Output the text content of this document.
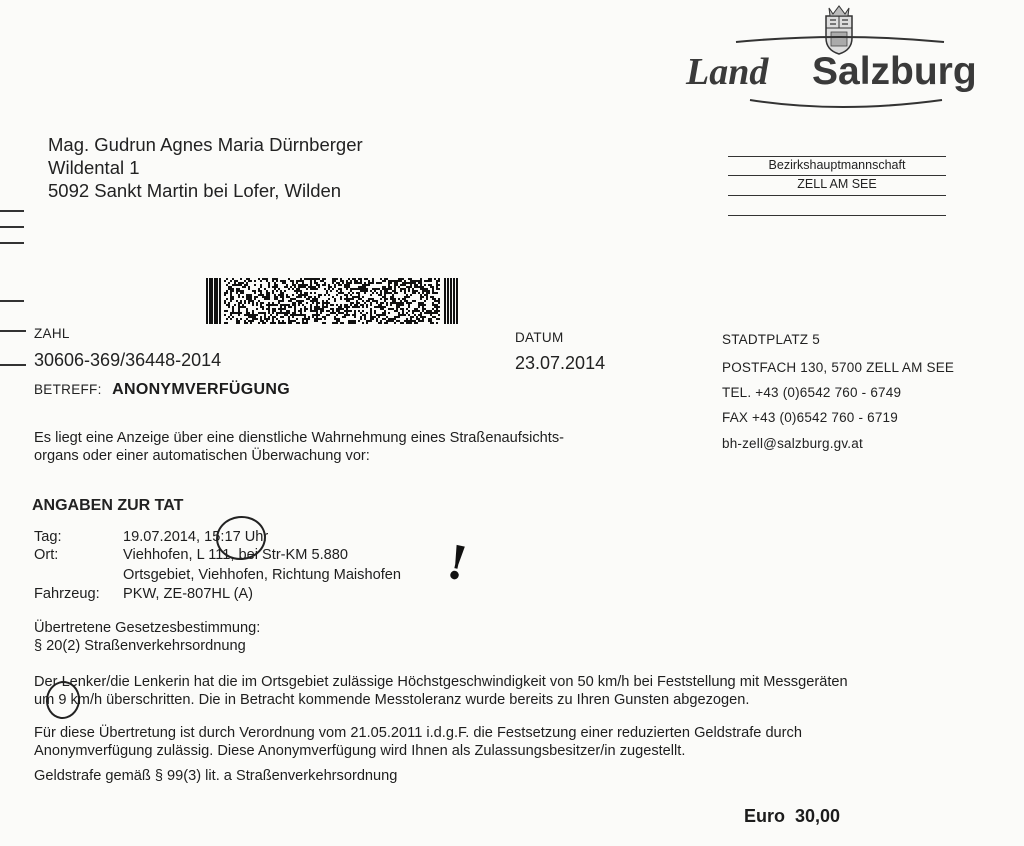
Land Salzburg
Mag. Gudrun Agnes Maria Dürnberger
Wildental 1
5092 Sankt Martin bei Lofer, Wilden
Bezirkshauptmannschaft
ZELL AM SEE
ZAHL
30606-369/36448-2014
DATUM
23.07.2014
STADTPLATZ 5
POSTFACH 130, 5700 ZELL AM SEE
TEL. +43 (0)6542 760 - 6749
FAX +43 (0)6542 760 - 6719
bh-zell@salzburg.gv.at
BETREFF: ANONYMVERFÜGUNG
Es liegt eine Anzeige über eine dienstliche Wahrnehmung eines Straßenaufsichts-
organs oder einer automatischen Überwachung vor:
ANGABEN ZUR TAT
Tag:	19.07.2014, 15:17 Uhr
Ort:	Viehhofen, L 111, bei Str-KM 5.880
Ortsgebiet, Viehhofen, Richtung Maishofen
Fahrzeug: PKW, ZE-807HL (A)
!
Übertretene Gesetzesbestimmung:
§ 20(2) Straßenverkehrsordnung
Der Lenker/die Lenkerin hat die im Ortsgebiet zulässige Höchstgeschwindigkeit von 50 km/h bei Feststellung mit Messgeräten
um 9 km/h überschritten. Die in Betracht kommende Messtoleranz wurde bereits zu Ihren Gunsten abgezogen.
Für diese Übertretung ist durch Verordnung vom 21.05.2011 i.d.g.F. die Festsetzung einer reduzierten Geldstrafe durch
Anonymverfügung zulässig. Diese Anonymverfügung wird Ihnen als Zulassungsbesitzer/in zugestellt.
Geldstrafe gemäß § 99(3) lit. a Straßenverkehrsordnung
Euro  30,00
